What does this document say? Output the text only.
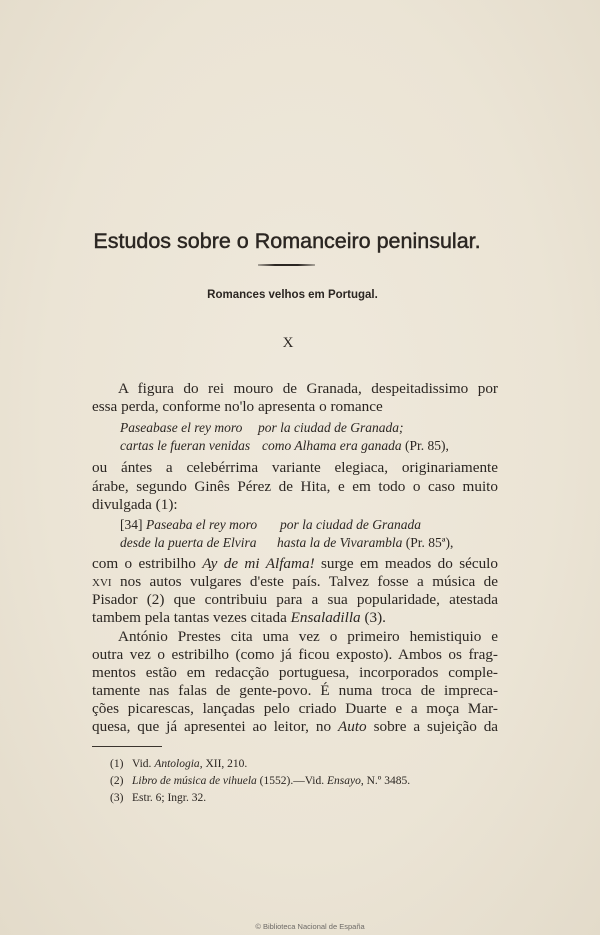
Estudos sobre o Romanceiro peninsular.
Romances velhos em Portugal.
X
A figura do rei mouro de Granada, despeitadissimo por
essa perda, conforme no'lo apresenta o romance
Paseabase el rey moro por la ciudad de Granada;
cartas le fueran venidas como Alhama era ganada (Pr. 85),
ou ántes a celebérrima variante elegiaca, originariamente
árabe, segundo Ginês Pérez de Hita, e em todo o caso muito
divulgada (1):
[34] Paseaba el rey moro por la ciudad de Granada
desde la puerta de Elvira hasta la de Vivarambla (Pr. 85ª),
com o estribilho Ay de mi Alfama! surge em meados do século
xvi nos autos vulgares d'este país. Talvez fosse a música de
Pisador (2) que contribuiu para a sua popularidade, atestada
tambem pela tantas vezes citada Ensaladilla (3).
António Prestes cita uma vez o primeiro hemistiquio e
outra vez o estribilho (como já ficou exposto). Ambos os frag-
mentos estão em redacção portuguesa, incorporados comple-
tamente nas falas de gente-povo. É numa troca de impreca-
ções picarescas, lançadas pelo criado Duarte e a moça Mar-
quesa, que já apresentei ao leitor, no Auto sobre a sujeição da
(1) Vid. Antologia, XII, 210.
(2) Libro de música de vihuela (1552).—Vid. Ensayo, N.º 3485.
(3) Estr. 6; Ingr. 32.
© Biblioteca Nacional de España
